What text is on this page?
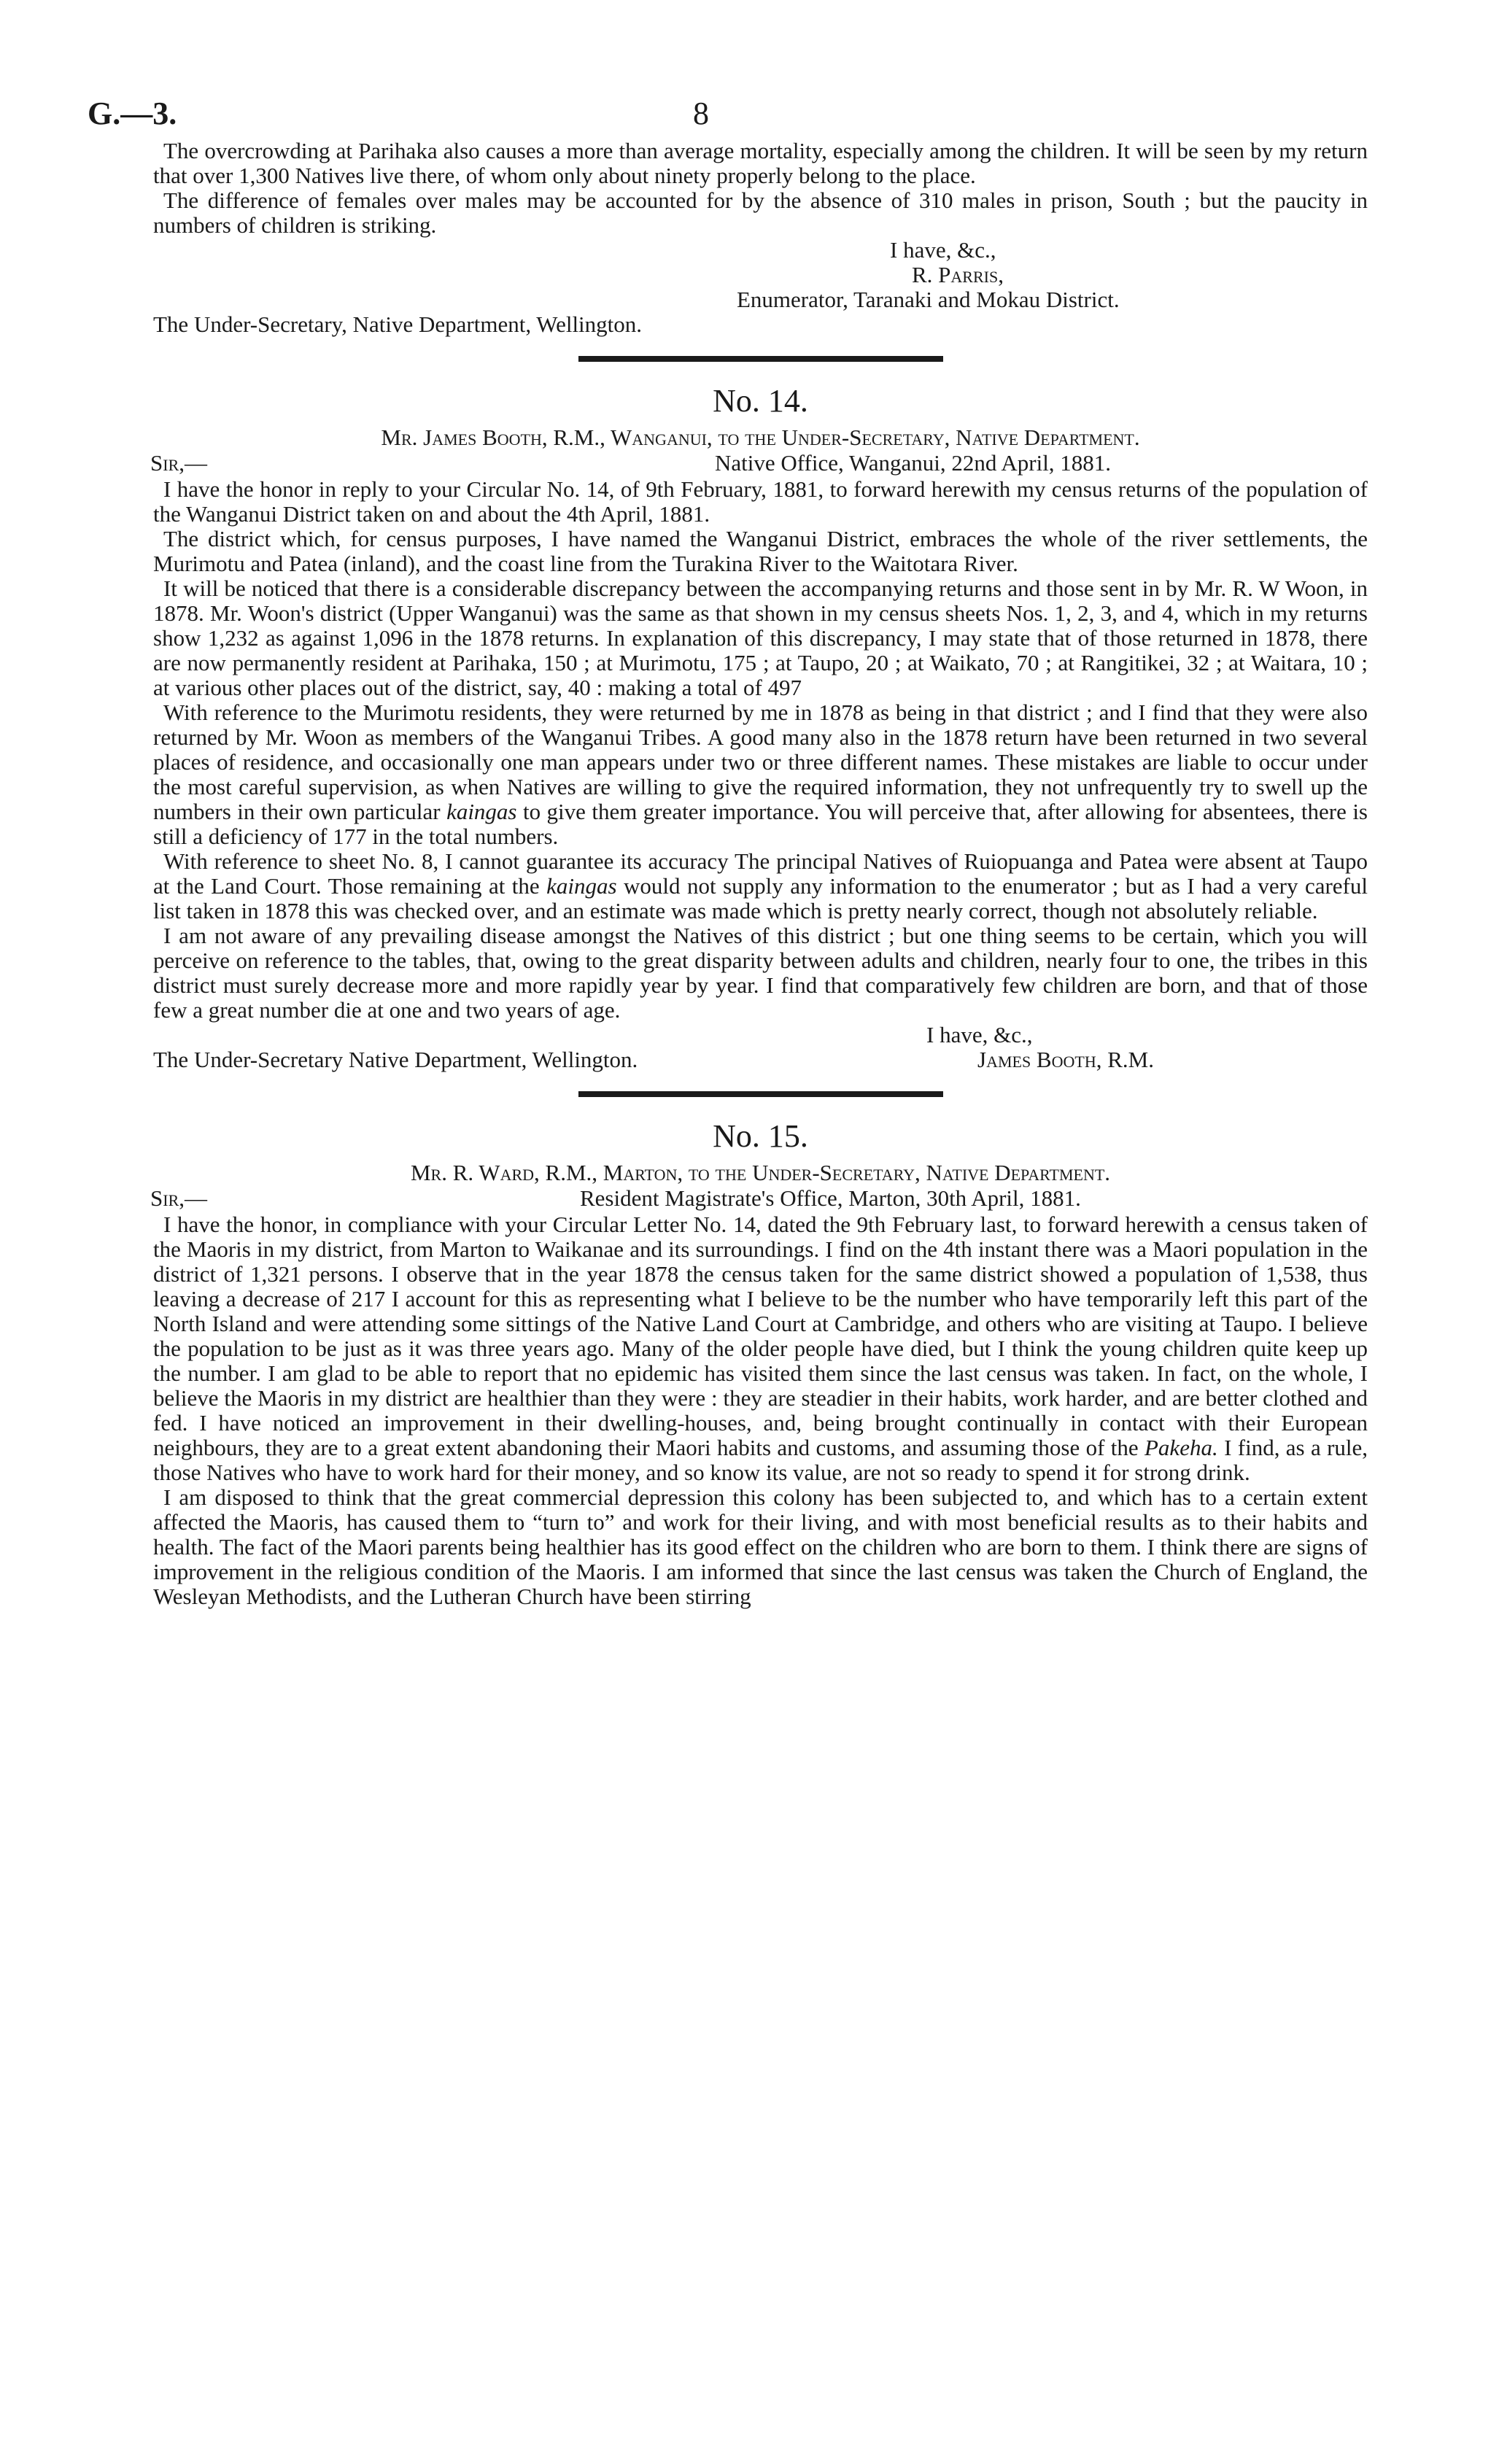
G.—3.	8

The overcrowding at Parihaka also causes a more than average mortality, especially among the children. It will be seen by my return that over 1,300 Natives live there, of whom only about ninety properly belong to the place.

The difference of females over males may be accounted for by the absence of 310 males in prison, South ; but the paucity in numbers of children is striking.

I have, &c.,

R. Parris,

Enumerator, Taranaki and Mokau District.

The Under-Secretary, Native Department, Wellington.

No. 14.
Mr. James Booth, R.M., Wanganui, to the Under-Secretary, Native Department.
Sir,—	Native Office, Wanganui, 22nd April, 1881.

I have the honor in reply to your Circular No. 14, of 9th February, 1881, to forward herewith my census returns of the population of the Wanganui District taken on and about the 4th April, 1881.

The district which, for census purposes, I have named the Wanganui District, embraces the whole of the river settlements, the Murimotu and Patea (inland), and the coast line from the Turakina River to the Waitotara River.

It will be noticed that there is a considerable discrepancy between the accompanying returns and those sent in by Mr. R. W Woon, in 1878. Mr. Woon's district (Upper Wanganui) was the same as that shown in my census sheets Nos. 1, 2, 3, and 4, which in my returns show 1,232 as against 1,096 in the 1878 returns. In explanation of this discrepancy, I may state that of those returned in 1878, there are now permanently resident at Parihaka, 150 ; at Murimotu, 175 ; at Taupo, 20 ; at Waikato, 70 ; at Rangitikei, 32 ; at Waitara, 10 ; at various other places out of the district, say, 40 : making a total of 497

With reference to the Murimotu residents, they were returned by me in 1878 as being in that district ; and I find that they were also returned by Mr. Woon as members of the Wanganui Tribes. A good many also in the 1878 return have been returned in two several places of residence, and occasionally one man appears under two or three different names. These mistakes are liable to occur under the most careful supervision, as when Natives are willing to give the required information, they not unfrequently try to swell up the numbers in their own particular kaingas to give them greater importance. You will perceive that, after allowing for absentees, there is still a deficiency of 177 in the total numbers.

With reference to sheet No. 8, I cannot guarantee its accuracy The principal Natives of Ruiopuanga and Patea were absent at Taupo at the Land Court. Those remaining at the kaingas would not supply any information to the enumerator ; but as I had a very careful list taken in 1878 this was checked over, and an estimate was made which is pretty nearly correct, though not absolutely reliable.

I am not aware of any prevailing disease amongst the Natives of this district ; but one thing seems to be certain, which you will perceive on reference to the tables, that, owing to the great disparity between adults and children, nearly four to one, the tribes in this district must surely decrease more and more rapidly year by year. I find that comparatively few children are born, and that of those few a great number die at one and two years of age.

I have, &c.,
The Under-Secretary Native Department, Wellington.	James Booth, R.M.
No. 15.
Mr. R. Ward, R.M., Marton, to the Under-Secretary, Native Department.
Sir,—	Resident Magistrate's Office, Marton, 30th April, 1881.

I have the honor, in compliance with your Circular Letter No. 14, dated the 9th February last, to forward herewith a census taken of the Maoris in my district, from Marton to Waikanae and its surroundings. I find on the 4th instant there was a Maori population in the district of 1,321 persons. I observe that in the year 1878 the census taken for the same district showed a population of 1,538, thus leaving a decrease of 217 I account for this as representing what I believe to be the number who have temporarily left this part of the North Island and were attending some sittings of the Native Land Court at Cambridge, and others who are visiting at Taupo. I believe the population to be just as it was three years ago. Many of the older people have died, but I think the young children quite keep up the number. I am glad to be able to report that no epidemic has visited them since the last census was taken. In fact, on the whole, I believe the Maoris in my district are healthier than they were : they are steadier in their habits, work harder, and are better clothed and fed. I have noticed an improvement in their dwelling-houses, and, being brought continually in contact with their European neighbours, they are to a great extent abandoning their Maori habits and customs, and assuming those of the Pakeha. I find, as a rule, those Natives who have to work hard for their money, and so know its value, are not so ready to spend it for strong drink.

I am disposed to think that the great commercial depression this colony has been subjected to, and which has to a certain extent affected the Maoris, has caused them to “turn to” and work for their living, and with most beneficial results as to their habits and health. The fact of the Maori parents being healthier has its good effect on the children who are born to them. I think there are signs of improvement in the religious condition of the Maoris. I am informed that since the last census was taken the Church of England, the Wesleyan Methodists, and the Lutheran Church have been stirring
